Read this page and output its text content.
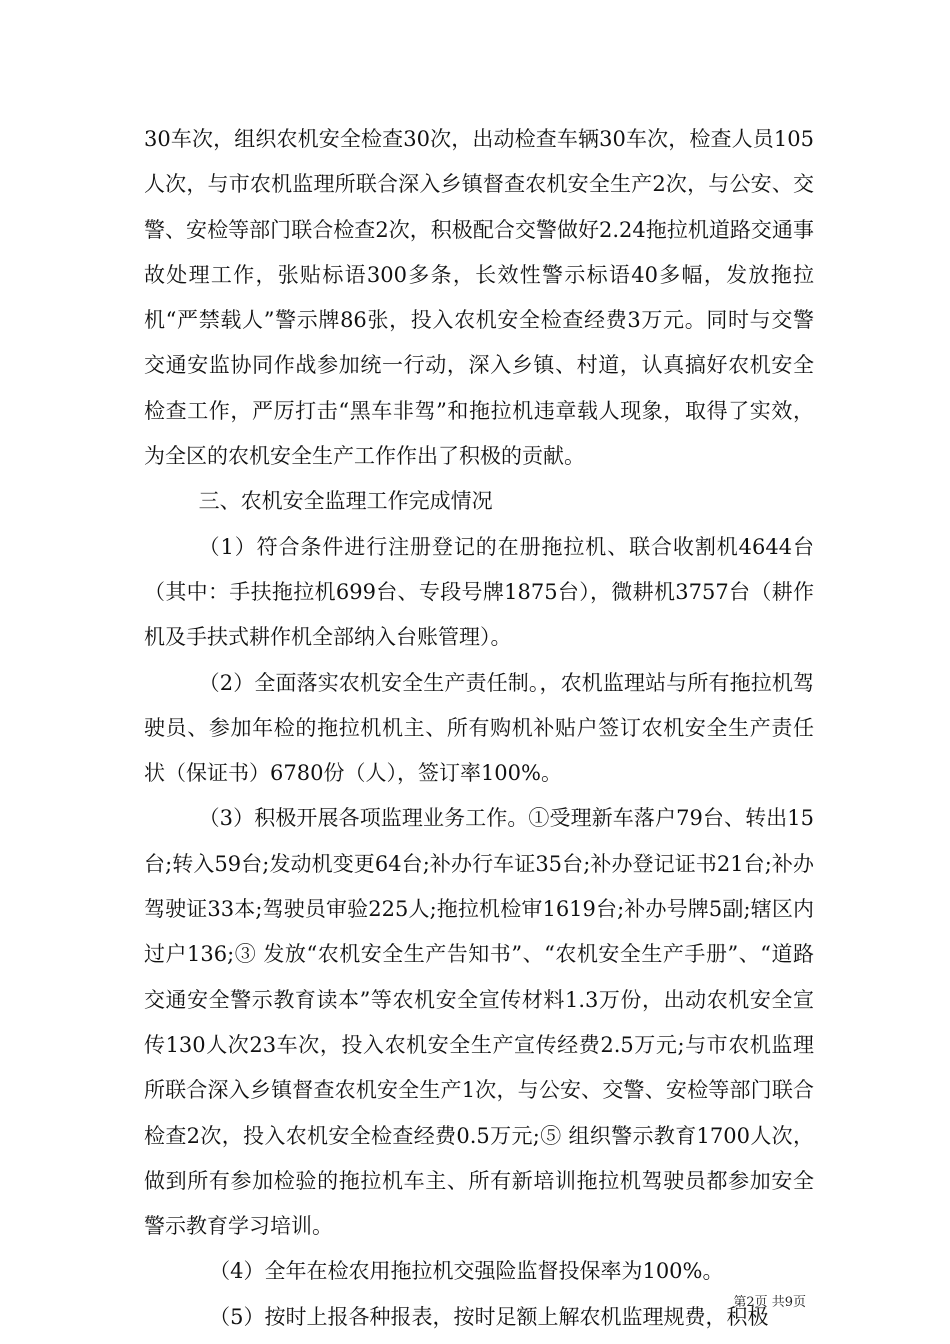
30车次，组织农机安全检查30次，出动检查车辆30车次，检查人员105人次，与市农机监理所联合深入乡镇督查农机安全生产2次，与公安、交警、安检等部门联合检查2次，积极配合交警做好2.24拖拉机道路交通事故处理工作，张贴标语300多条，长效性警示标语40多幅，发放拖拉机“严禁载人”警示牌86张，投入农机安全检查经费3万元。同时与交警交通安监协同作战参加统一行动，深入乡镇、村道，认真搞好农机安全检查工作，严厉打击“黑车非驾”和拖拉机违章载人现象，取得了实效，为全区的农机安全生产工作作出了积极的贡献。

三、农机安全监理工作完成情况

（1）符合条件进行注册登记的在册拖拉机、联合收割机4644台（其中：手扶拖拉机699台、专段号牌1875台），微耕机3757台（耕作机及手扶式耕作机全部纳入台账管理）。

（2）全面落实农机安全生产责任制。，农机监理站与所有拖拉机驾驶员、参加年检的拖拉机机主、所有购机补贴户签订农机安全生产责任状（保证书）6780份（人），签订率100%。

（3）积极开展各项监理业务工作。①受理新车落户79台、转出15台;转入59台;发动机变更64台;补办行车证35台;补办登记证书21台;补办驾驶证33本;驾驶员审验225人;拖拉机检审1619台;补办号牌5副;辖区内过户136;③ 发放“农机安全生产告知书”、“农机安全生产手册”、“道路交通安全警示教育读本”等农机安全宣传材料1.3万份，出动农机安全宣传130人次23车次，投入农机安全生产宣传经费2.5万元;与市农机监理所联合深入乡镇督查农机安全生产1次，与公安、交警、安检等部门联合检查2次，投入农机安全检查经费0.5万元;⑤ 组织警示教育1700人次，做到所有参加检验的拖拉机车主、所有新培训拖拉机驾驶员都参加安全警示教育学习培训。

（4）全年在检农用拖拉机交强险监督投保率为100%。

（5）按时上报各种报表，按时足额上解农机监理规费，积极

第2页 共9页
